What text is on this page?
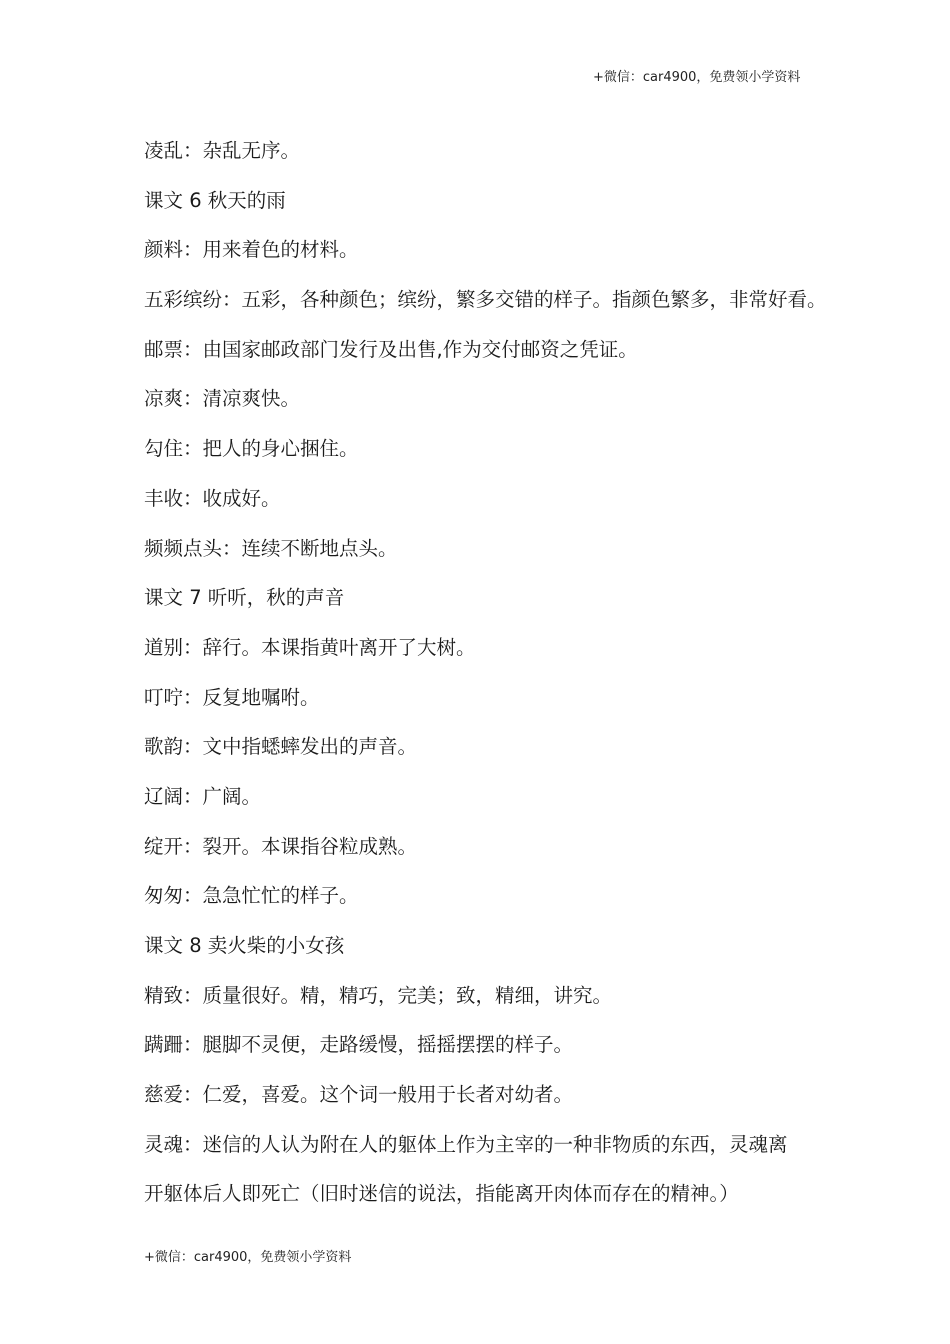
+微信：car4900，免费领小学资料
凌乱：杂乱无序。
课文 6 秋天的雨
颜料：用来着色的材料。
五彩缤纷：五彩，各种颜色；缤纷，繁多交错的样子。指颜色繁多，非常好看。
邮票：由国家邮政部门发行及出售,作为交付邮资之凭证。
凉爽：清凉爽快。
勾住：把人的身心捆住。
丰收：收成好。
频频点头：连续不断地点头。
课文 7 听听，秋的声音
道别：辞行。本课指黄叶离开了大树。
叮咛：反复地嘱咐。
歌韵：文中指蟋蟀发出的声音。
辽阔：广阔。
绽开：裂开。本课指谷粒成熟。
匆匆：急急忙忙的样子。
课文 8 卖火柴的小女孩
精致：质量很好。精，精巧，完美；致，精细，讲究。
蹒跚：腿脚不灵便，走路缓慢，摇摇摆摆的样子。
慈爱：仁爱，喜爱。这个词一般用于长者对幼者。
灵魂：迷信的人认为附在人的躯体上作为主宰的一种非物质的东西，灵魂离
开躯体后人即死亡（旧时迷信的说法，指能离开肉体而存在的精神。）
+微信：car4900，免费领小学资料
